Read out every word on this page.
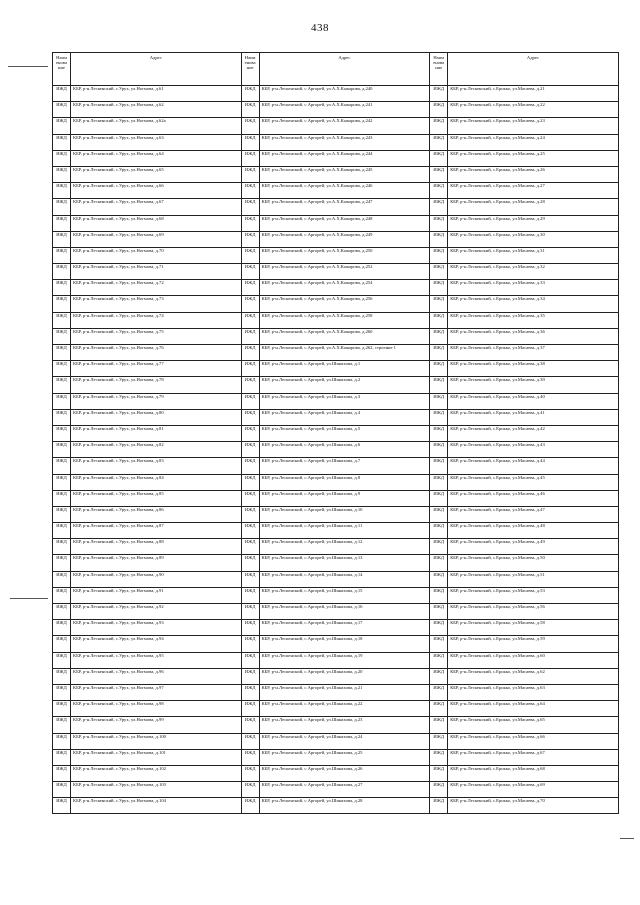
438
Наим енова ние	Адрес	Наим енова ние	Адрес	Наим енова ние	Адрес
ИЖД	КБР, р-н.Лескенский, с.Урух, ул.Ногмова, д.61	ИЖД	КБР, р-н.Лескенский, с.Аргорей, ул.А.Х.Кажарова, д.240	ИЖД	КБР, р-н.Лескенский, с.Ерокко, ул.Масаева, д.21
ИЖД	КБР, р-н.Лескенский, с.Урух, ул.Ногмова, д.62	ИЖД	КБР, р-н.Лескенский, с.Аргорей, ул.А.Х.Кажарова, д.241	ИЖД	КБР, р-н.Лескенский, с.Ерокко, ул.Масаева, д.22
ИЖД	КБР, р-н.Лескенский, с.Урух, ул.Ногмова, д.62а	ИЖД	КБР, р-н.Лескенский, с.Аргорей, ул.А.Х.Кажарова, д.242	ИЖД	КБР, р-н.Лескенский, с.Ерокко, ул.Масаева, д.23
ИЖД	КБР, р-н.Лескенский, с.Урух, ул.Ногмова, д.63	ИЖД	КБР, р-н.Лескенский, с.Аргорей, ул.А.Х.Кажарова, д.243	ИЖД	КБР, р-н.Лескенский, с.Ерокко, ул.Масаева, д.24
ИЖД	КБР, р-н.Лескенский, с.Урух, ул.Ногмова, д.64	ИЖД	КБР, р-н.Лескенский, с.Аргорей, ул.А.Х.Кажарова, д.244	ИЖД	КБР, р-н.Лескенский, с.Ерокко, ул.Масаева, д.25
ИЖД	КБР, р-н.Лескенский, с.Урух, ул.Ногмова, д.65	ИЖД	КБР, р-н.Лескенский, с.Аргорей, ул.А.Х.Кажарова, д.245	ИЖД	КБР, р-н.Лескенский, с.Ерокко, ул.Масаева, д.26
ИЖД	КБР, р-н.Лескенский, с.Урух, ул.Ногмова, д.66	ИЖД	КБР, р-н.Лескенский, с.Аргорей, ул.А.Х.Кажарова, д.246	ИЖД	КБР, р-н.Лескенский, с.Ерокко, ул.Масаева, д.27
ИЖД	КБР, р-н.Лескенский, с.Урух, ул.Ногмова, д.67	ИЖД	КБР, р-н.Лескенский, с.Аргорей, ул.А.Х.Кажарова, д.247	ИЖД	КБР, р-н.Лескенский, с.Ерокко, ул.Масаева, д.28
ИЖД	КБР, р-н.Лескенский, с.Урух, ул.Ногмова, д.68	ИЖД	КБР, р-н.Лескенский, с.Аргорей, ул.А.Х.Кажарова, д.248	ИЖД	КБР, р-н.Лескенский, с.Ерокко, ул.Масаева, д.29
ИЖД	КБР, р-н.Лескенский, с.Урух, ул.Ногмова, д.69	ИЖД	КБР, р-н.Лескенский, с.Аргорей, ул.А.Х.Кажарова, д.249	ИЖД	КБР, р-н.Лескенский, с.Ерокко, ул.Масаева, д.30
ИЖД	КБР, р-н.Лескенский, с.Урух, ул.Ногмова, д.70	ИЖД	КБР, р-н.Лескенский, с.Аргорей, ул.А.Х.Кажарова, д.250	ИЖД	КБР, р-н.Лескенский, с.Ерокко, ул.Масаева, д.31
ИЖД	КБР, р-н.Лескенский, с.Урух, ул.Ногмова, д.71	ИЖД	КБР, р-н.Лескенский, с.Аргорей, ул.А.Х.Кажарова, д.252	ИЖД	КБР, р-н.Лескенский, с.Ерокко, ул.Масаева, д.32
ИЖД	КБР, р-н.Лескенский, с.Урух, ул.Ногмова, д.72	ИЖД	КБР, р-н.Лескенский, с.Аргорей, ул.А.Х.Кажарова, д.254	ИЖД	КБР, р-н.Лескенский, с.Ерокко, ул.Масаева, д.33
ИЖД	КБР, р-н.Лескенский, с.Урух, ул.Ногмова, д.73	ИЖД	КБР, р-н.Лескенский, с.Аргорей, ул.А.Х.Кажарова, д.256	ИЖД	КБР, р-н.Лескенский, с.Ерокко, ул.Масаева, д.34
ИЖД	КБР, р-н.Лескенский, с.Урух, ул.Ногмова, д.74	ИЖД	КБР, р-н.Лескенский, с.Аргорей, ул.А.Х.Кажарова, д.258	ИЖД	КБР, р-н.Лескенский, с.Ерокко, ул.Масаева, д.35
ИЖД	КБР, р-н.Лескенский, с.Урух, ул.Ногмова, д.75	ИЖД	КБР, р-н.Лескенский, с.Аргорей, ул.А.Х.Кажарова, д.260	ИЖД	КБР, р-н.Лескенский, с.Ерокко, ул.Масаева, д.36
ИЖД	КБР, р-н.Лескенский, с.Урух, ул.Ногмова, д.76	ИЖД	КБР, р-н.Лескенский, с.Аргорей, ул.А.Х.Кажарова, д.262, строение 1	ИЖД	КБР, р-н.Лескенский, с.Ерокко, ул.Масаева, д.37
ИЖД	КБР, р-н.Лескенский, с.Урух, ул.Ногмова, д.77	ИЖД	КБР, р-н.Лескенский, с.Аргорей, ул.Шинахова, д.1	ИЖД	КБР, р-н.Лескенский, с.Ерокко, ул.Масаева, д.38
ИЖД	КБР, р-н.Лескенский, с.Урух, ул.Ногмова, д.78	ИЖД	КБР, р-н.Лескенский, с.Аргорей, ул.Шинахова, д.2	ИЖД	КБР, р-н.Лескенский, с.Ерокко, ул.Масаева, д.39
ИЖД	КБР, р-н.Лескенский, с.Урух, ул.Ногмова, д.79	ИЖД	КБР, р-н.Лескенский, с.Аргорей, ул.Шинахова, д.3	ИЖД	КБР, р-н.Лескенский, с.Ерокко, ул.Масаева, д.40
ИЖД	КБР, р-н.Лескенский, с.Урух, ул.Ногмова, д.80	ИЖД	КБР, р-н.Лескенский, с.Аргорей, ул.Шинахова, д.4	ИЖД	КБР, р-н.Лескенский, с.Ерокко, ул.Масаева, д.41
ИЖД	КБР, р-н.Лескенский, с.Урух, ул.Ногмова, д.81	ИЖД	КБР, р-н.Лескенский, с.Аргорей, ул.Шинахова, д.5	ИЖД	КБР, р-н.Лескенский, с.Ерокко, ул.Масаева, д.42
ИЖД	КБР, р-н.Лескенский, с.Урух, ул.Ногмова, д.82	ИЖД	КБР, р-н.Лескенский, с.Аргорей, ул.Шинахова, д.6	ИЖД	КБР, р-н.Лескенский, с.Ерокко, ул.Масаева, д.43
ИЖД	КБР, р-н.Лескенский, с.Урух, ул.Ногмова, д.83	ИЖД	КБР, р-н.Лескенский, с.Аргорей, ул.Шинахова, д.7	ИЖД	КБР, р-н.Лескенский, с.Ерокко, ул.Масаева, д.44
ИЖД	КБР, р-н.Лескенский, с.Урух, ул.Ногмова, д.84	ИЖД	КБР, р-н.Лескенский, с.Аргорей, ул.Шинахова, д.8	ИЖД	КБР, р-н.Лескенский, с.Ерокко, ул.Масаева, д.45
ИЖД	КБР, р-н.Лескенский, с.Урух, ул.Ногмова, д.85	ИЖД	КБР, р-н.Лескенский, с.Аргорей, ул.Шинахова, д.9	ИЖД	КБР, р-н.Лескенский, с.Ерокко, ул.Масаева, д.46
ИЖД	КБР, р-н.Лескенский, с.Урух, ул.Ногмова, д.86	ИЖД	КБР, р-н.Лескенский, с.Аргорей, ул.Шинахова, д.10	ИЖД	КБР, р-н.Лескенский, с.Ерокко, ул.Масаева, д.47
ИЖД	КБР, р-н.Лескенский, с.Урух, ул.Ногмова, д.87	ИЖД	КБР, р-н.Лескенский, с.Аргорей, ул.Шинахова, д.11	ИЖД	КБР, р-н.Лескенский, с.Ерокко, ул.Масаева, д.48
ИЖД	КБР, р-н.Лескенский, с.Урух, ул.Ногмова, д.88	ИЖД	КБР, р-н.Лескенский, с.Аргорей, ул.Шинахова, д.12	ИЖД	КБР, р-н.Лескенский, с.Ерокко, ул.Масаева, д.49
ИЖД	КБР, р-н.Лескенский, с.Урух, ул.Ногмова, д.89	ИЖД	КБР, р-н.Лескенский, с.Аргорей, ул.Шинахова, д.13	ИЖД	КБР, р-н.Лескенский, с.Ерокко, ул.Масаева, д.50
ИЖД	КБР, р-н.Лескенский, с.Урух, ул.Ногмова, д.90	ИЖД	КБР, р-н.Лескенский, с.Аргорей, ул.Шинахова, д.14	ИЖД	КБР, р-н.Лескенский, с.Ерокко, ул.Масаева, д.51
ИЖД	КБР, р-н.Лескенский, с.Урух, ул.Ногмова, д.91	ИЖД	КБР, р-н.Лескенский, с.Аргорей, ул.Шинахова, д.15	ИЖД	КБР, р-н.Лескенский, с.Ерокко, ул.Масаева, д.53
ИЖД	КБР, р-н.Лескенский, с.Урух, ул.Ногмова, д.92	ИЖД	КБР, р-н.Лескенский, с.Аргорей, ул.Шинахова, д.16	ИЖД	КБР, р-н.Лескенский, с.Ерокко, ул.Масаева, д.56
ИЖД	КБР, р-н.Лескенский, с.Урух, ул.Ногмова, д.93	ИЖД	КБР, р-н.Лескенский, с.Аргорей, ул.Шинахова, д.17	ИЖД	КБР, р-н.Лескенский, с.Ерокко, ул.Масаева, д.58
ИЖД	КБР, р-н.Лескенский, с.Урух, ул.Ногмова, д.94	ИЖД	КБР, р-н.Лескенский, с.Аргорей, ул.Шинахова, д.18	ИЖД	КБР, р-н.Лескенский, с.Ерокко, ул.Масаева, д.59
ИЖД	КБР, р-н.Лескенский, с.Урух, ул.Ногмова, д.95	ИЖД	КБР, р-н.Лескенский, с.Аргорей, ул.Шинахова, д.19	ИЖД	КБР, р-н.Лескенский, с.Ерокко, ул.Масаева, д.60
ИЖД	КБР, р-н.Лескенский, с.Урух, ул.Ногмова, д.96	ИЖД	КБР, р-н.Лескенский, с.Аргорей, ул.Шинахова, д.20	ИЖД	КБР, р-н.Лескенский, с.Ерокко, ул.Масаева, д.62
ИЖД	КБР, р-н.Лескенский, с.Урух, ул.Ногмова, д.97	ИЖД	КБР, р-н.Лескенский, с.Аргорей, ул.Шинахова, д.21	ИЖД	КБР, р-н.Лескенский, с.Ерокко, ул.Масаева, д.63
ИЖД	КБР, р-н.Лескенский, с.Урух, ул.Ногмова, д.98	ИЖД	КБР, р-н.Лескенский, с.Аргорей, ул.Шинахова, д.22	ИЖД	КБР, р-н.Лескенский, с.Ерокко, ул.Масаева, д.64
ИЖД	КБР, р-н.Лескенский, с.Урух, ул.Ногмова, д.99	ИЖД	КБР, р-н.Лескенский, с.Аргорей, ул.Шинахова, д.23	ИЖД	КБР, р-н.Лескенский, с.Ерокко, ул.Масаева, д.65
ИЖД	КБР, р-н.Лескенский, с.Урух, ул.Ногмова, д.100	ИЖД	КБР, р-н.Лескенский, с.Аргорей, ул.Шинахова, д.24	ИЖД	КБР, р-н.Лескенский, с.Ерокко, ул.Масаева, д.66
ИЖД	КБР, р-н.Лескенский, с.Урух, ул.Ногмова, д.101	ИЖД	КБР, р-н.Лескенский, с.Аргорей, ул.Шинахова, д.25	ИЖД	КБР, р-н.Лескенский, с.Ерокко, ул.Масаева, д.67
ИЖД	КБР, р-н.Лескенский, с.Урух, ул.Ногмова, д.102	ИЖД	КБР, р-н.Лескенский, с.Аргорей, ул.Шинахова, д.26	ИЖД	КБР, р-н.Лескенский, с.Ерокко, ул.Масаева, д.68
ИЖД	КБР, р-н.Лескенский, с.Урух, ул.Ногмова, д.103	ИЖД	КБР, р-н.Лескенский, с.Аргорей, ул.Шинахова, д.27	ИЖД	КБР, р-н.Лескенский, с.Ерокко, ул.Масаева, д.69
ИЖД	КБР, р-н.Лескенский, с.Урух, ул.Ногмова, д.104	ИЖД	КБР, р-н.Лескенский, с.Аргорей, ул.Шинахова, д.28	ИЖД	КБР, р-н.Лескенский, с.Ерокко, ул.Масаева, д.70
